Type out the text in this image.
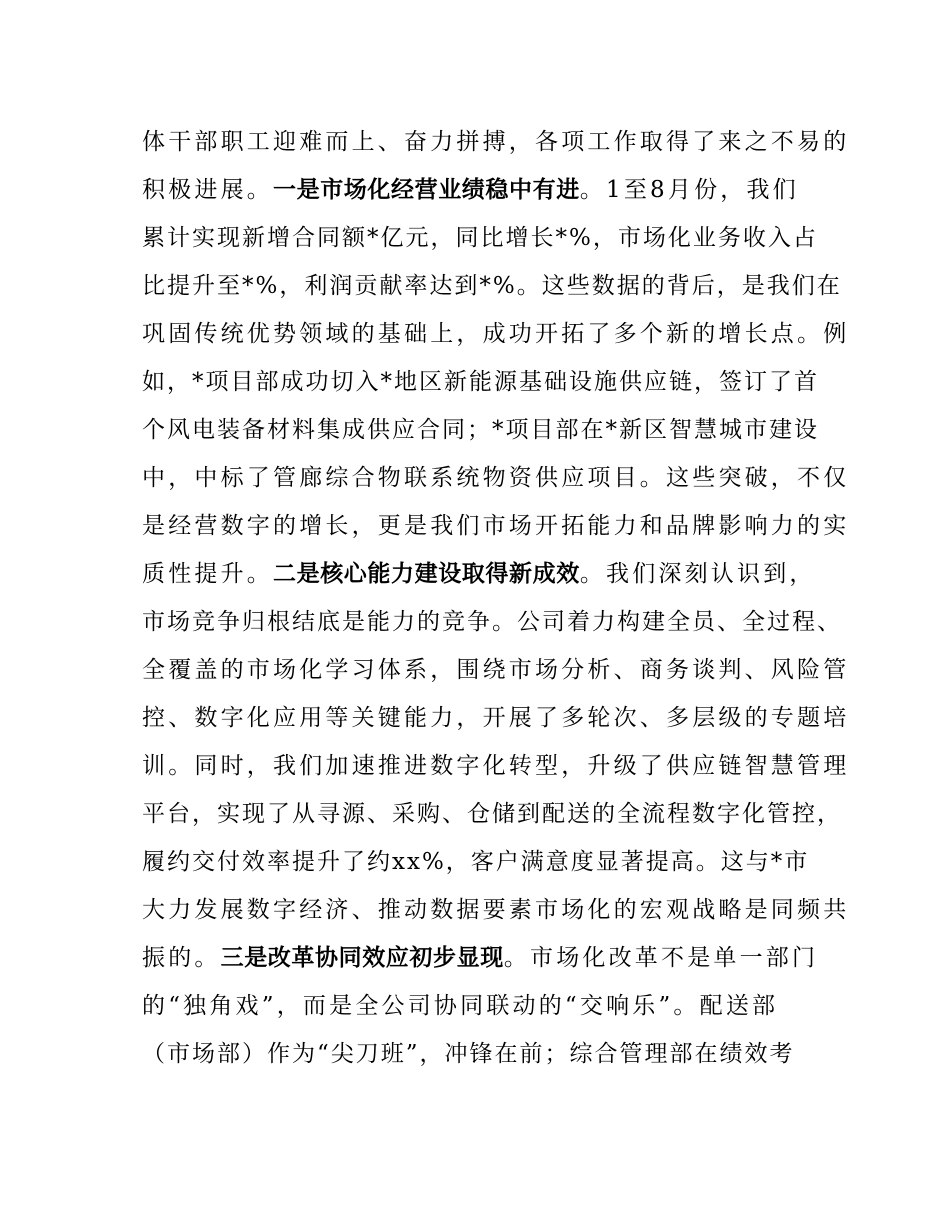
体干部职工迎难而上、奋力拼搏，各项工作取得了来之不易的
积极进展。一是市场化经营业绩稳中有进。1至8月份，我们
累计实现新增合同额*亿元，同比增长*%，市场化业务收入占
比提升至*%，利润贡献率达到*%。这些数据的背后，是我们在
巩固传统优势领域的基础上，成功开拓了多个新的增长点。例
如，*项目部成功切入*地区新能源基础设施供应链，签订了首
个风电装备材料集成供应合同；*项目部在*新区智慧城市建设
中，中标了管廊综合物联系统物资供应项目。这些突破，不仅
是经营数字的增长，更是我们市场开拓能力和品牌影响力的实
质性提升。二是核心能力建设取得新成效。我们深刻认识到，
市场竞争归根结底是能力的竞争。公司着力构建全员、全过程、
全覆盖的市场化学习体系，围绕市场分析、商务谈判、风险管
控、数字化应用等关键能力，开展了多轮次、多层级的专题培
训。同时，我们加速推进数字化转型，升级了供应链智慧管理
平台，实现了从寻源、采购、仓储到配送的全流程数字化管控，
履约交付效率提升了约xx%，客户满意度显著提高。这与*市
大力发展数字经济、推动数据要素市场化的宏观战略是同频共
振的。三是改革协同效应初步显现。市场化改革不是单一部门
的“独角戏”，而是全公司协同联动的“交响乐”。配送部
（市场部）作为“尖刀班”，冲锋在前；综合管理部在绩效考
